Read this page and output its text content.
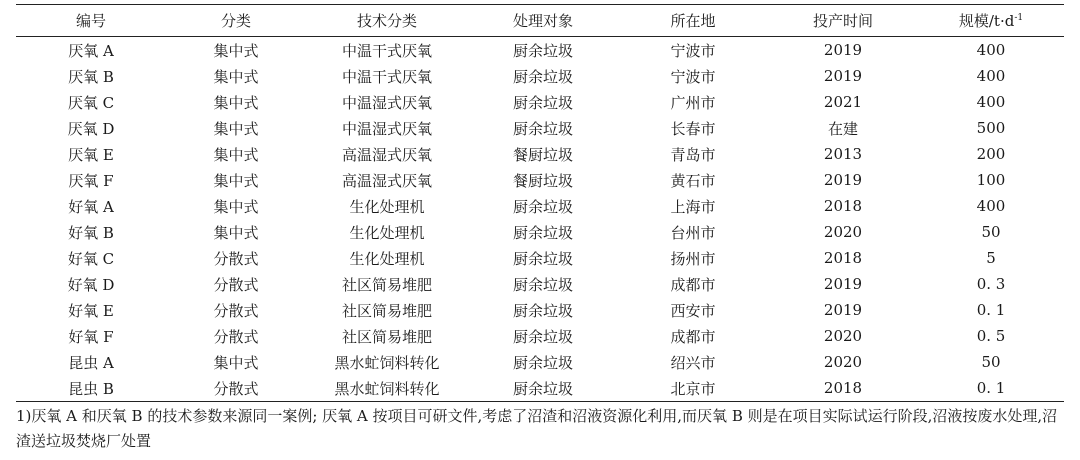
编号	分类	技术分类	处理对象	所在地	投产时间	规模$/t\cdot d^{-1}$
厌氧 A	集中式	中温干式厌氧	厨余垃圾	宁波市	2019	400
厌氧 B	集中式	中温干式厌氧	厨余垃圾	宁波市	2019	400
厌氧 C	集中式	中温湿式厌氧	厨余垃圾	广州市	2021	400
厌氧 D	集中式	中温湿式厌氧	厨余垃圾	长春市	在建	500
厌氧 E	集中式	高温湿式厌氧	餐厨垃圾	青岛市	2013	200
厌氧 F	集中式	高温湿式厌氧	餐厨垃圾	黄石市	2019	100
好氧 A	集中式	生化处理机	厨余垃圾	上海市	2018	400
好氧 B	集中式	生化处理机	厨余垃圾	台州市	2020	50
好氧 C	分散式	生化处理机	厨余垃圾	扬州市	2018	5
好氧 D	分散式	社区简易堆肥	厨余垃圾	成都市	2019	0. 3
好氧 E	分散式	社区简易堆肥	厨余垃圾	西安市	2019	0. 1
好氧 F	分散式	社区简易堆肥	厨余垃圾	成都市	2020	0. 5
昆虫 A	集中式	黑水虻饲料转化	厨余垃圾	绍兴市	2020	50
昆虫 B	分散式	黑水虻饲料转化	厨余垃圾	北京市	2018	0. 1
1)厌氧 A 和厌氧 B 的技术参数来源同一案例; 厌氧 A 按项目可研文件,考虑了沼渣和沼液资源化利用,而厌氧 B 则是在项目实际试运行阶段,沼液按废水处理,沼渣送垃圾焚烧厂处置
